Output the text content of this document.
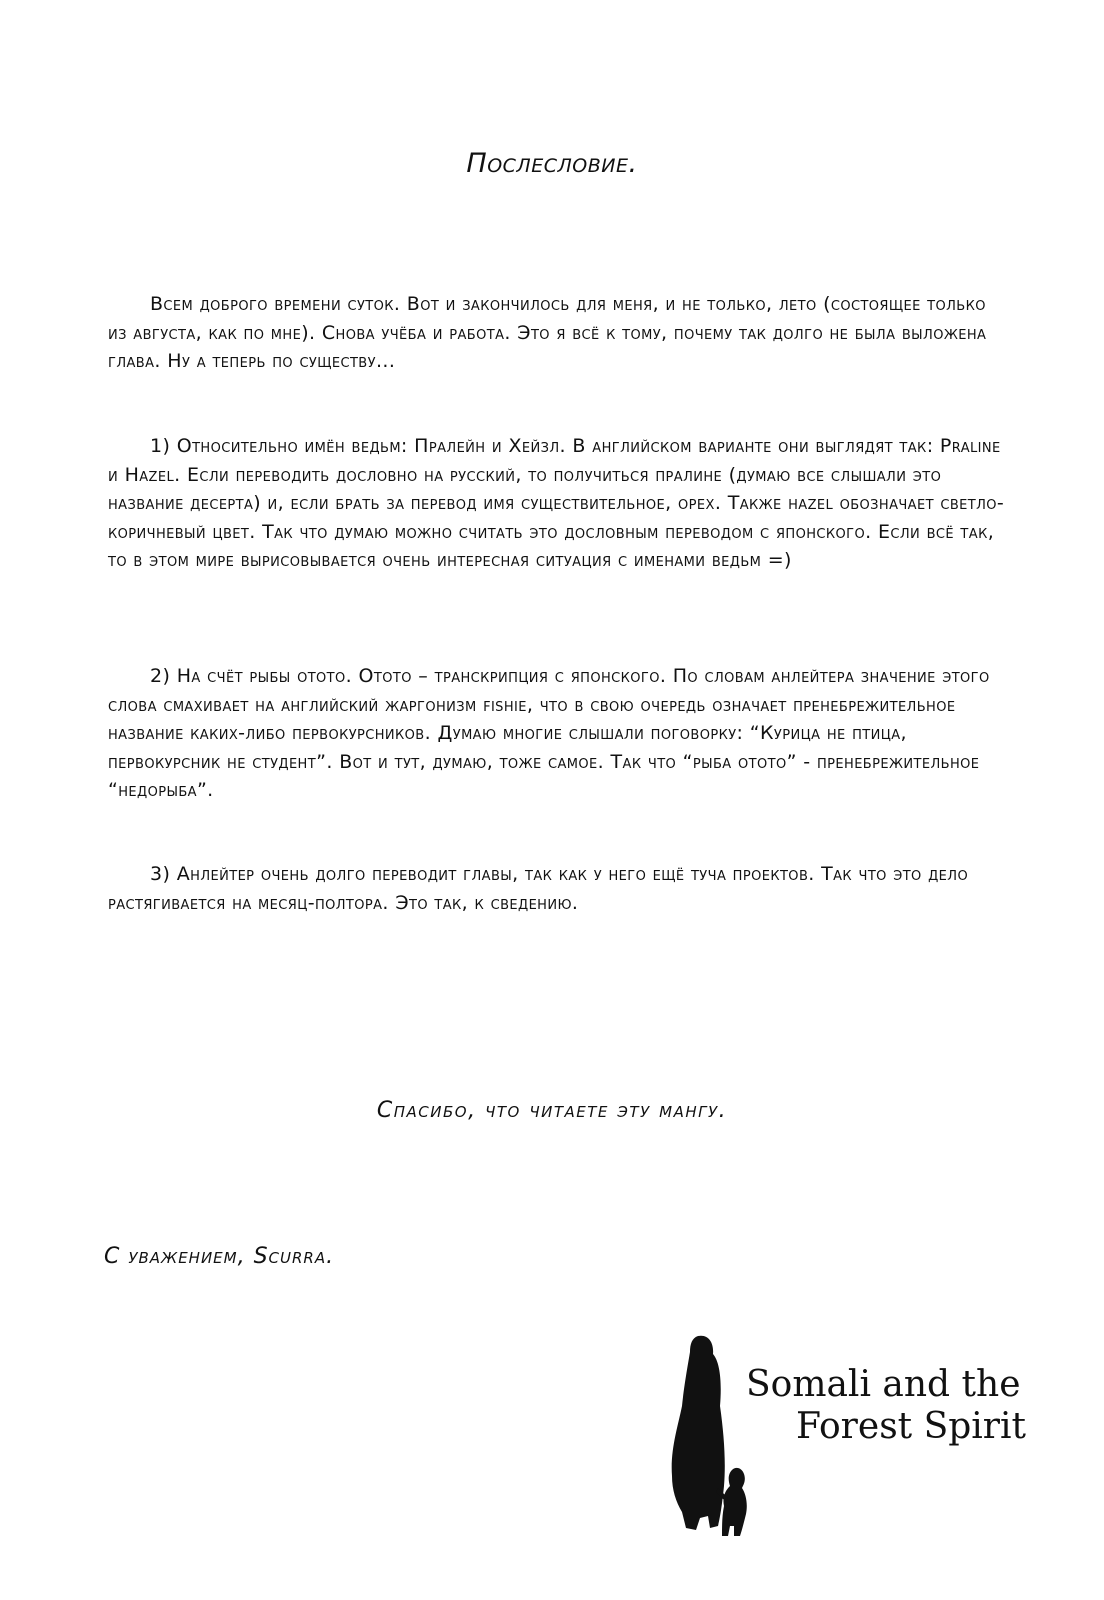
Послесловие.

Всем доброго времени суток. Вот и закончилось для меня, и не только, лето (состоящее только из августа, как по мне). Снова учёба и работа. Это я всё к тому, почему так долго не была выложена глава. Ну а теперь по существу...

1) Относительно имён ведьм: Пралейн и Хейзл. В английском варианте они выглядят так: Praline и Hazel. Если переводить дословно на русский, то получиться пралине (думаю все слышали это название десерта) и, если брать за перевод имя существительное, орех. Также hazel обозначает светло-коричневый цвет. Так что думаю можно считать это дословным переводом с японского. Если всё так, то в этом мире вырисовывается очень интересная ситуация с именами ведьм =)

2) На счёт рыбы отото. Отото – транскрипция с японского. По словам анлейтера значение этого слова смахивает на английский жаргонизм fishie, что в свою очередь означает пренебрежительное название каких-либо первокурсников. Думаю многие слышали поговорку: “Курица не птица, первокурсник не студент”. Вот и тут, думаю, тоже самое. Так что “рыба отото” - пренебрежительное “недорыба”.

3) Анлейтер очень долго переводит главы, так как у него ещё туча проектов. Так что это дело растягивается на месяц-полтора. Это так, к сведению.

Спасибо, что читаете эту мангу.
С уважением, Scurra.
Somali and the
Forest Spirit
